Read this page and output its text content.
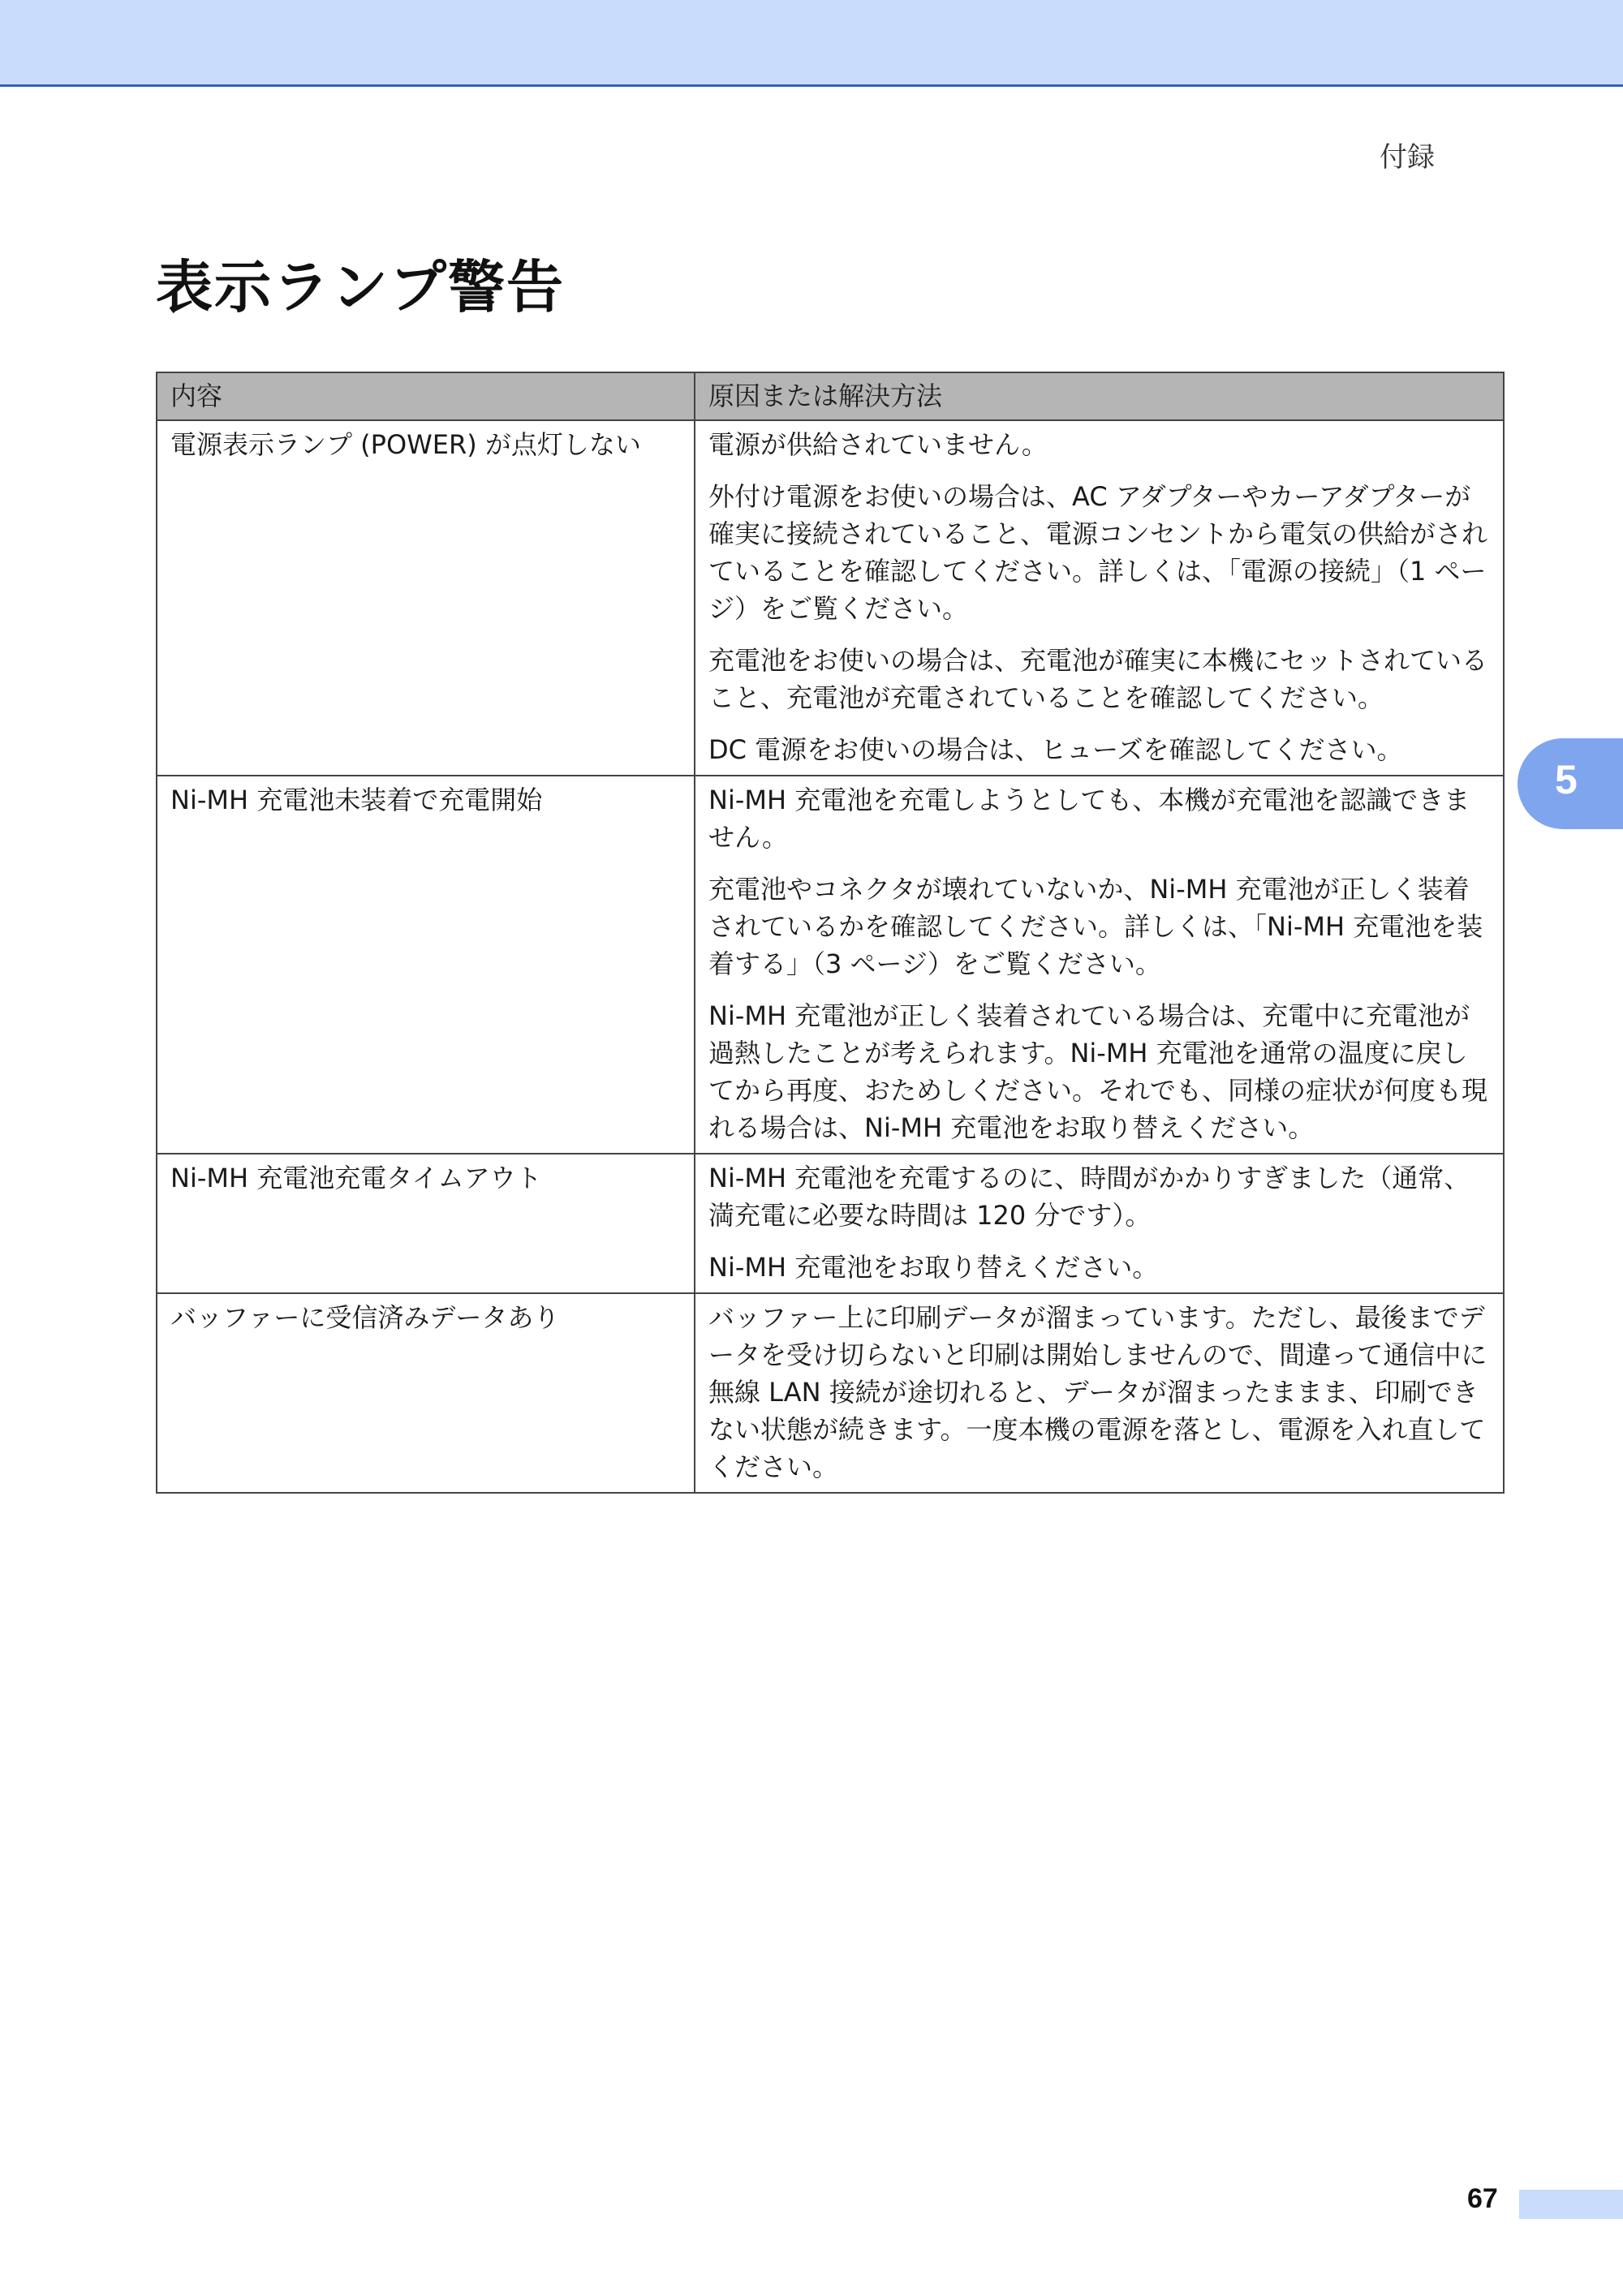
付録
表示ランプ警告
5
内容	原因または解決方法
電源表示ランプ (POWER) が点灯しない	電源が供給されていません。

外付け電源をお使いの場合は、AC アダプターやカーアダプターが確実に接続されていること、電源コンセントから電気の供給がされていることを確認してください。詳しくは、「電源の接続」（1 ページ）をご覧ください。

充電池をお使いの場合は、充電池が確実に本機にセットされていること、充電池が充電されていることを確認してください。

DC 電源をお使いの場合は、ヒューズを確認してください。

Ni-MH 充電池未装着で充電開始	Ni-MH 充電池を充電しようとしても、本機が充電池を認識できません。

充電池やコネクタが壊れていないか、Ni-MH 充電池が正しく装着されているかを確認してください。詳しくは、「Ni-MH 充電池を装着する」（3 ページ）をご覧ください。

Ni-MH 充電池が正しく装着されている場合は、充電中に充電池が過熱したことが考えられます。Ni-MH 充電池を通常の温度に戻してから再度、おためしください。それでも、同様の症状が何度も現れる場合は、Ni-MH 充電池をお取り替えください。

Ni-MH 充電池充電タイムアウト	Ni-MH 充電池を充電するのに、時間がかかりすぎました（通常、満充電に必要な時間は 120 分です）。

Ni-MH 充電池をお取り替えください。

バッファーに受信済みデータあり	バッファー上に印刷データが溜まっています。ただし、最後までデータを受け切らないと印刷は開始しませんので、間違って通信中に無線 LAN 接続が途切れると、データが溜まったままま、印刷できない状態が続きます。一度本機の電源を落とし、電源を入れ直してください。

67
